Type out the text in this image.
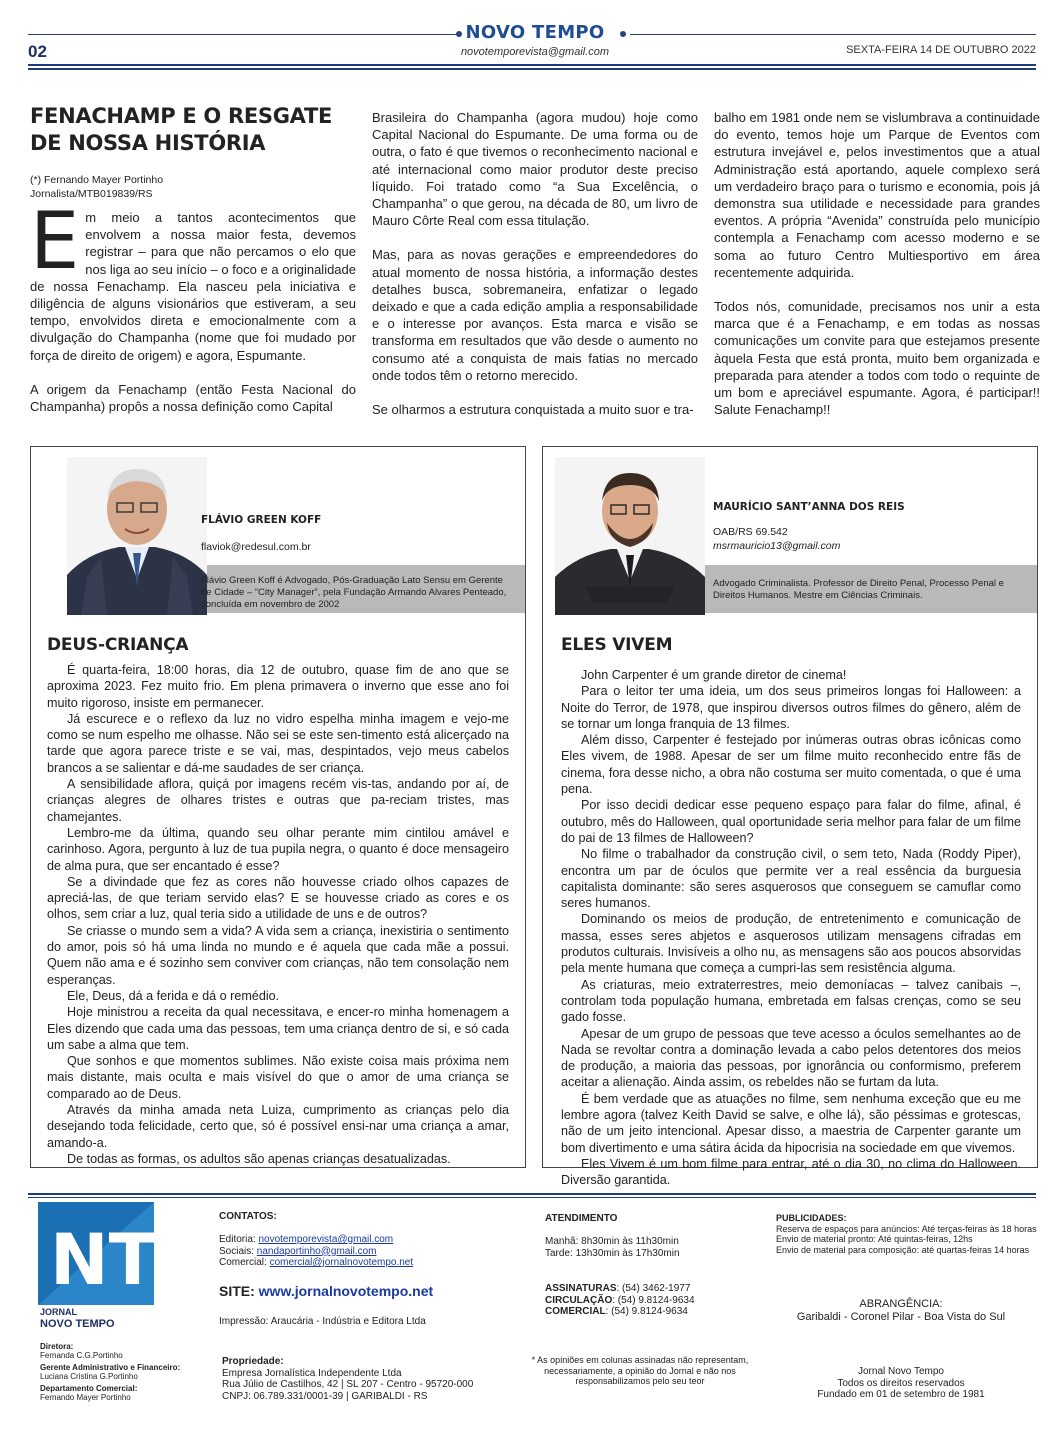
02
NOVO TEMPO
novotemporevista@gmail.com	SEXTA-FEIRA 14 DE OUTUBRO 2022
FENACHAMP E O RESGATE
DE NOSSA HISTÓRIA
(*) Fernando Mayer Portinho
Jornalista/MTB019839/RS

Em meio a tantos acontecimentos que envolvem a nossa maior festa, devemos registrar – para que não percamos o elo que nos liga ao seu início – o foco e a originalidade de nossa Fenachamp. Ela nasceu pela iniciativa e diligência de alguns visionários que estiveram, a seu tempo, envolvidos direta e emocionalmente com a divulgação do Champanha (nome que foi mudado por força de direito de origem) e agora, Espumante.

A origem da Fenachamp (então Festa Nacional do Champanha) propôs a nossa definição como Capital

Brasileira do Champanha (agora mudou) hoje como Capital Nacional do Espumante. De uma forma ou de outra, o fato é que tivemos o reconhecimento nacional e até internacional como maior produtor deste preciso líquido. Foi tratado como “a Sua Excelência, o Champanha” o que gerou, na década de 80, um livro de Mauro Côrte Real com essa titulação.

Mas, para as novas gerações e empreendedores do atual momento de nossa história, a informação destes detalhes busca, sobremaneira, enfatizar o legado deixado e que a cada edição amplia a responsabilidade e o interesse por avanços. Esta marca e visão se transforma em resultados que vão desde o aumento no consumo até a conquista de mais fatias no mercado onde todos têm o retorno merecido.

Se olharmos a estrutura conquistada a muito suor e tra-

balho em 1981 onde nem se vislumbrava a continuidade do evento, temos hoje um Parque de Eventos com estrutura invejável e, pelos investimentos que a atual Administração está aportando, aquele complexo será um verdadeiro braço para o turismo e economia, pois já demonstra sua utilidade e necessidade para grandes eventos. A própria “Avenida” construída pelo município contempla a Fenachamp com acesso moderno e se soma ao futuro Centro Multiesportivo em área recentemente adquirida.

Todos nós, comunidade, precisamos nos unir a esta marca que é a Fenachamp, e em todas as nossas comunicações um convite para que estejamos presente àquela Festa que está pronta, muito bem organizada e preparada para atender a todos com todo o requinte de um bom e apreciável espumante. Agora, é participar!! Salute Fenachamp!!

FLÁVIO GREEN KOFF
flaviok@redesul.com.br
Flávio Green Koff é Advogado, Pós-Graduação Lato Sensu em Gerente de Cidade – “City Manager”, pela Fundação Armando Alvares Penteado, concluída em novembro de 2002
DEUS-CRIANÇA

É quarta-feira, 18:00 horas, dia 12 de outubro, quase fim de ano que se aproxima 2023. Fez muito frio. Em plena primavera o inverno que esse ano foi muito rigoroso, insiste em permanecer.

Já escurece e o reflexo da luz no vidro espelha minha imagem e vejo-me como se num espelho me olhasse. Não sei se este sen-timento está alicerçado na tarde que agora parece triste e se vai, mas, despintados, vejo meus cabelos brancos a se salientar e dá-me saudades de ser criança.

A sensibilidade aflora, quiçá por imagens recém vis-tas, andando por aí, de crianças alegres de olhares tristes e outras que pa-reciam tristes, mas chamejantes.

Lembro-me da última, quando seu olhar perante mim cintilou amável e carinhoso. Agora, pergunto à luz de tua pupila negra, o quanto é doce mensageiro de alma pura, que ser encantado é esse?

Se a divindade que fez as cores não houvesse criado olhos capazes de apreciá-las, de que teriam servido elas? E se houvesse criado as cores e os olhos, sem criar a luz, qual teria sido a utilidade de uns e de outros?

Se criasse o mundo sem a vida? A vida sem a criança, inexistiria o sentimento do amor, pois só há uma linda no mundo e é aquela que cada mãe a possui. Quem não ama e é sozinho sem conviver com crianças, não tem consolação nem esperanças.

Ele, Deus, dá a ferida e dá o remédio.

Hoje ministrou a receita da qual necessitava, e encer-ro minha homenagem a Eles dizendo que cada uma das pessoas, tem uma criança dentro de si, e só cada um sabe a alma que tem.

Que sonhos e que momentos sublimes. Não existe coisa mais próxima nem mais distante, mais oculta e mais visível do que o amor de uma criança se comparado ao de Deus.

Através da minha amada neta Luiza, cumprimento as crianças pelo dia desejando toda felicidade, certo que, só é possível ensi-nar uma criança a amar, amando-a.

De todas as formas, os adultos são apenas crianças desatualizadas.

MAURÍCIO SANT’ANNA DOS REIS
OAB/RS 69.542
msrmauricio13@gmail.com
Advogado Criminalista. Professor de Direito Penal, Processo Penal e Direitos Humanos. Mestre em Ciências Criminais.
ELES VIVEM

John Carpenter é um grande diretor de cinema!

Para o leitor ter uma ideia, um dos seus primeiros longas foi Halloween: a Noite do Terror, de 1978, que inspirou diversos outros filmes do gênero, além de se tornar um longa franquia de 13 filmes.

Além disso, Carpenter é festejado por inúmeras outras obras icônicas como Eles vivem, de 1988. Apesar de ser um filme muito reconhecido entre fãs de cinema, fora desse nicho, a obra não costuma ser muito comentada, o que é uma pena.

Por isso decidi dedicar esse pequeno espaço para falar do filme, afinal, é outubro, mês do Halloween, qual oportunidade seria melhor para falar de um filme do pai de 13 filmes de Halloween?

No filme o trabalhador da construção civil, o sem teto, Nada (Roddy Piper), encontra um par de óculos que permite ver a real essência da burguesia capitalista dominante: são seres asquerosos que conseguem se camuflar como seres humanos.

Dominando os meios de produção, de entretenimento e comunicação de massa, esses seres abjetos e asquerosos utilizam mensagens cifradas em produtos culturais. Invisíveis a olho nu, as mensagens são aos poucos absorvidas pela mente humana que começa a cumpri-las sem resistência alguma.

As criaturas, meio extraterrestres, meio demoníacas – talvez canibais –, controlam toda população humana, embretada em falsas crenças, como se seu gado fosse.

Apesar de um grupo de pessoas que teve acesso a óculos semelhantes ao de Nada se revoltar contra a dominação levada a cabo pelos detentores dos meios de produção, a maioria das pessoas, por ignorância ou conformismo, preferem aceitar a alienação. Ainda assim, os rebeldes não se furtam da luta.

É bem verdade que as atuações no filme, sem nenhuma exceção que eu me lembre agora (talvez Keith David se salve, e olhe lá), são péssimas e grotescas, não de um jeito intencional. Apesar disso, a maestria de Carpenter garante um bom divertimento e uma sátira ácida da hipocrisia na sociedade em que vivemos.

Eles Vivem é um bom filme para entrar, até o dia 30, no clima do Halloween. Diversão garantida.

NT
JORNAL
NOVO TEMPO
Diretora:
Fernanda C.G.Portinho
Gerente Administrativo e Financeiro:
Luciana Cristina G.Portinho
Departamento Comercial:
Fernando Mayer Portinho
CONTATOS:
Editoria: novotemporevista@gmail.com
Sociais: nandaportinho@gmail.com
Comercial: comercial@jornalnovotempo.net
SITE: www.jornalnovotempo.net
Impressão: Araucária - Indústria e Editora Ltda
Propriedade:
Empresa Jornalística Independente Ltda
Rua Júlio de Castilhos, 42 | SL 207 - Centro - 95720-000
CNPJ: 06.789.331/0001-39 | GARIBALDI - RS
ATENDIMENTO
Manhã: 8h30min às 11h30min
Tarde: 13h30min às 17h30min
ASSINATURAS: (54) 3462-1977
CIRCULAÇÃO: (54) 9.8124-9634
COMERCIAL: (54) 9.8124-9634
* As opiniões em colunas assinadas não representam, necessariamente, a opinião do Jornal e não nos responsabilizamos pelo seu teor
PUBLICIDADES:
Reserva de espaços para anúncios: Até terças-feiras às 18 horas
Envio de material pronto: Até quintas-feiras, 12hs
Envio de material para composição: até quartas-feiras 14 horas
ABRANGÊNCIA:
Garibaldi - Coronel Pilar - Boa Vista do Sul
Jornal Novo Tempo
Todos os direitos reservados
Fundado em 01 de setembro de 1981
